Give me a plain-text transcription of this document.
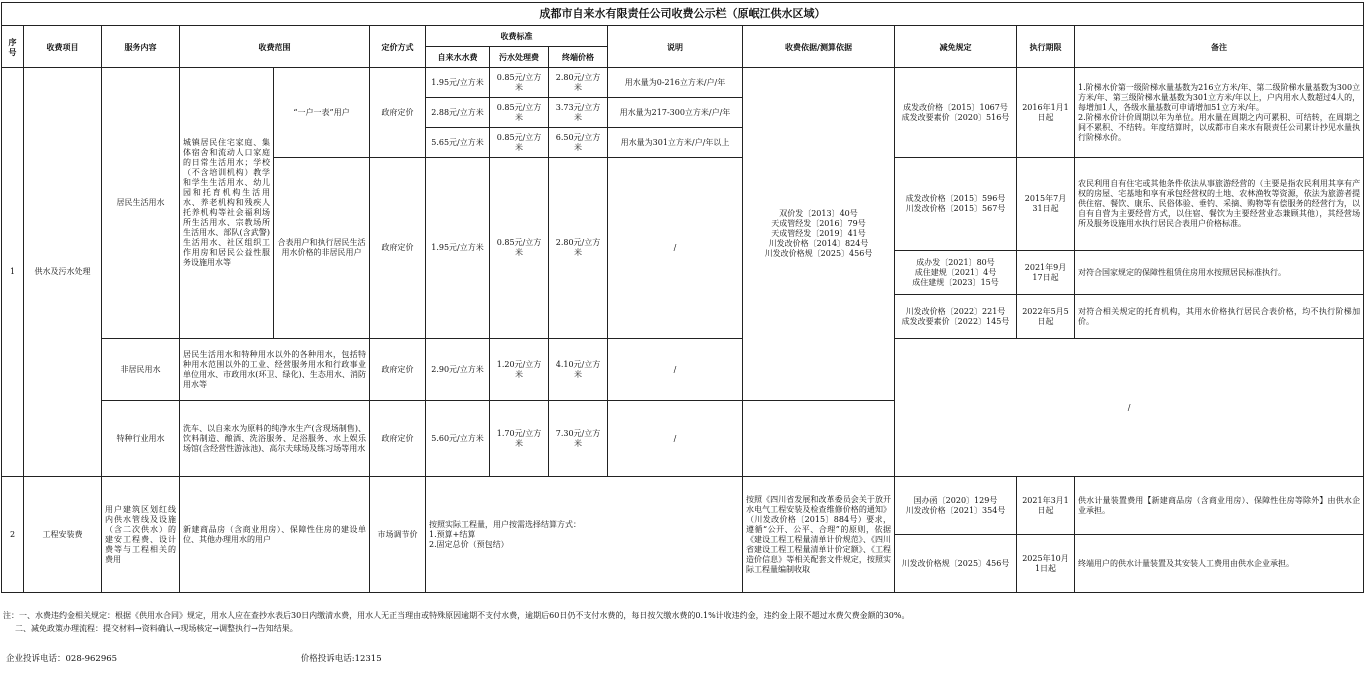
成都市自来水有限责任公司收费公示栏（原岷江供水区域）													
序号	收费项目	服务内容	收费范围		定价方式	收费标准			说明	收费依据/测算依据	减免规定	执行期限	备注
						自来水水费	污水处理费	终端价格					
1	供水及污水处理	居民生活用水	城镇居民住宅家庭、集体宿舍和流动人口家庭的日常生活用水；学校（不含培训机构）教学和学生生活用水、幼儿园和托育机构生活用水、养老机构和残疾人托养机构等社会福利场所生活用水、宗教场所生活用水、部队(含武警)生活用水、社区组织工作用房和居民公益性服务设施用水等	“一户一表”用户	政府定价	1.95元/立方米	0.85元/立方米	2.80元/立方米	用水量为0-216立方米/户/年	双价发〔2013〕40号
天成管经发〔2016〕79号
天成管经发〔2019〕41号
川发改价格〔2014〕824号
川发改价格规〔2025〕456号	成发改价格〔2015〕1067号
成发改要素价〔2020〕516号	2016年1月1日起	1.阶梯水价第一级阶梯水量基数为216立方米/年、第二级阶梯水量基数为300立方米/年、第三级阶梯水量基数为301立方米/年以上，户内用水人数超过4人的，每增加1人，各级水量基数可申请增加51立方米/年。
2.阶梯水价计价周期以年为单位。用水量在周期之内可累积、可结转，在周期之间不累积、不结转。年度结算时，以成都市自来水有限责任公司累计抄见水量执行阶梯水价。
						2.88元/立方米	0.85元/立方米	3.73元/立方米	用水量为217-300立方米/户/年				
						5.65元/立方米	0.85元/立方米	6.50元/立方米	用水量为301立方米/户/年以上				
				合表用户和执行居民生活用水价格的非居民用户	政府定价	1.95元/立方米	0.85元/立方米	2.80元/立方米	/		成发改价格〔2015〕596号
川发改价格〔2015〕567号	2015年7月31日起	农民利用自有住宅或其他条件依法从事旅游经营的（主要是指农民利用其享有产权的房屋、宅基地和享有承包经营权的土地、农林渔牧等资源，依法为旅游者提供住宿、餐饮、康乐、民俗体验、垂钓、采摘、购物等有偿服务的经营行为，以自有自营为主要经营方式，以住宿、餐饮为主要经营业态兼顾其他），其经营场所及服务设施用水执行居民合表用户价格标准。

											成办发〔2021〕80号
成住建规〔2021〕4号
成住建规〔2023〕15号	2021年9月17日起	对符合国家规定的保障性租赁住房用水按照居民标准执行。
											川发改价格〔2022〕221号
成发改要素价〔2022〕145号	2022年5月5日起	对符合相关规定的托育机构，其用水价格执行居民合表价格，均不执行阶梯加价。

		非居民用水	居民生活用水和特种用水以外的各种用水，包括特种用水范围以外的工业、经营服务用水和行政事业单位用水、市政用水(环卫、绿化)、生态用水、消防用水等		政府定价	2.90元/立方米	1.20元/立方米	4.10元/立方米	/		/		

		特种行业用水	洗车、以自来水为原料的纯净水生产(含现场制售)、饮料制造、酿酒、洗浴服务、足浴服务、水上娱乐场馆(含经营性游泳池)、高尔夫球场及练习场等用水		政府定价	5.60元/立方米	1.70元/立方米	7.30元/立方米	/				

2	工程安装费	用户建筑区划红线内供水管线及设施（含二次供水）的建安工程费、设计费等与工程相关的费用	新建商品房（含商业用房）、保障性住房的建设单位、其他办理用水的用户		市场调节价	按照实际工程量，用户按需选择结算方式：
1.预算+结算
2.固定总价（预包结）				按照《四川省发展和改革委员会关于放开水电气工程安装及检查维修价格的通知》（川发改价格〔2015〕884号）要求，遵循“公开、公平、合理”的原则，依据《建设工程工程量清单计价规范》、《四川省建设工程工程量清单计价定额》、《工程造价信息》等相关配套文件规定，按照实际工程量编制收取	国办函〔2020〕129号
川发改价格〔2021〕354号	2021年3月1日起	供水计量装置费用【新建商品房（含商业用房）、保障性住房等除外】由供水企业承担。
											川发改价格规〔2025〕456号	2025年10月1日起	终端用户的供水计量装置及其安装人工费用由供水企业承担。
注：一、水费违约金相关规定：根据《供用水合同》规定，用水人应在查抄水表后30日内缴清水费，用水人无正当理由或特殊原因逾期不支付水费，逾期后60日仍不支付水费的，每日按欠缴水费的0.1%计收违约金，违约金上限不超过水费欠费金额的30%。
二、减免政策办理流程：提交材料→资料确认→现场核定→调整执行→告知结果。
企业投诉电话：028-962965	价格投诉电话:12315
